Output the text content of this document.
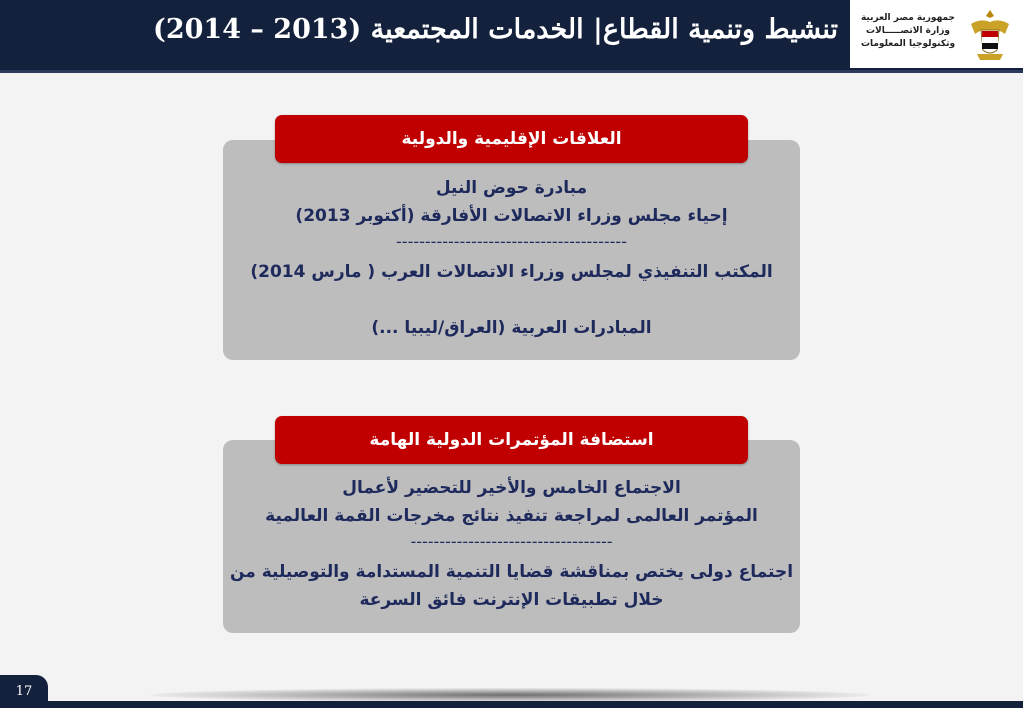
تنشيط وتنمية القطاع| الخدمات المجتمعية (2013 – 2014)	جمهورية مصر العربية
وزارة الاتصـــــالات
وتكنولوجيا المعلومات
مبادرة حوض النيل
إحياء مجلس وزراء الاتصالات الأفارقة (أكتوبر 2013)
----------------------------------------
المكتب التنفيذي لمجلس وزراء الاتصالات العرب ( مارس 2014)
المبادرات العربية (العراق/ليبيا ...)
العلاقات الإقليمية والدولية
الاجتماع الخامس والأخير للتحضير لأعمال
المؤتمر العالمى لمراجعة تنفيذ نتائج مخرجات القمة العالمية
-----------------------------------
اجتماع دولى يختص بمناقشة قضايا التنمية المستدامة والتوصيلية من
خلال تطبيقات الإنترنت فائق السرعة
استضافة المؤتمرات الدولية الهامة
17
